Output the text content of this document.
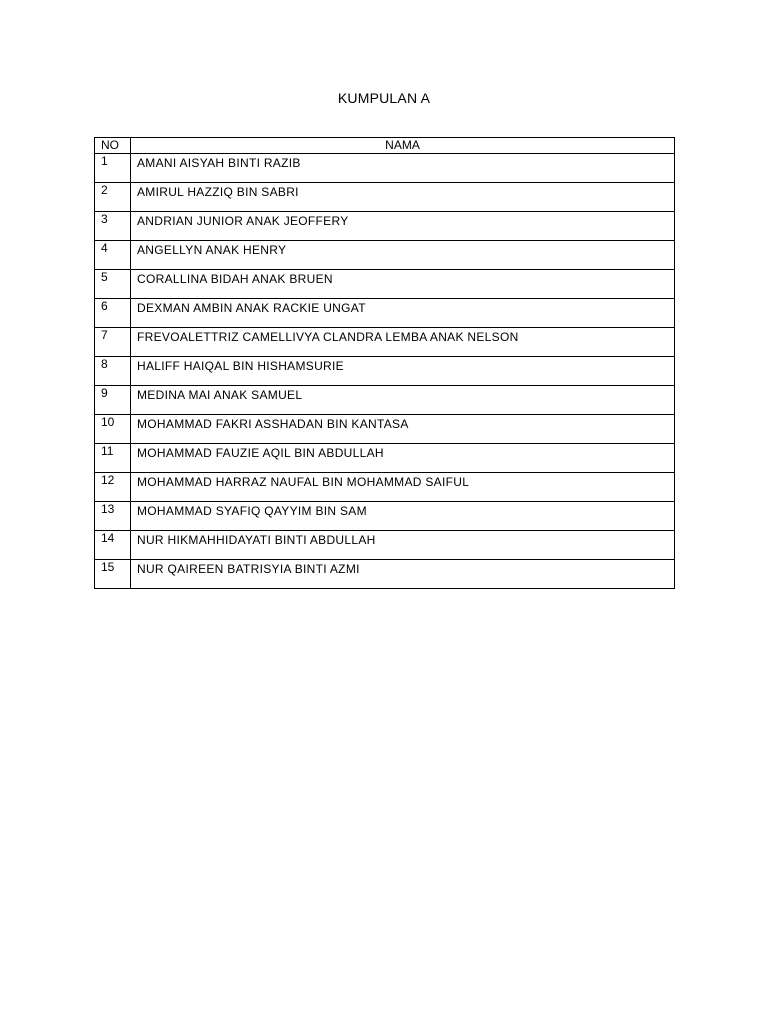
KUMPULAN A
NO	NAMA
1	AMANI AISYAH BINTI RAZIB
2	AMIRUL HAZZIQ BIN SABRI
3	ANDRIAN JUNIOR ANAK JEOFFERY
4	ANGELLYN ANAK HENRY
5	CORALLINA BIDAH ANAK BRUEN
6	DEXMAN AMBIN ANAK RACKIE UNGAT
7	FREVOALETTRIZ CAMELLIVYA CLANDRA LEMBA ANAK NELSON
8	HALIFF HAIQAL BIN HISHAMSURIE
9	MEDINA MAI ANAK SAMUEL
10	MOHAMMAD FAKRI ASSHADAN BIN KANTASA
11	MOHAMMAD FAUZIE AQIL BIN ABDULLAH
12	MOHAMMAD HARRAZ NAUFAL BIN MOHAMMAD SAIFUL
13	MOHAMMAD SYAFIQ QAYYIM BIN SAM
14	NUR HIKMAHHIDAYATI BINTI ABDULLAH
15	NUR QAIREEN BATRISYIA BINTI AZMI
